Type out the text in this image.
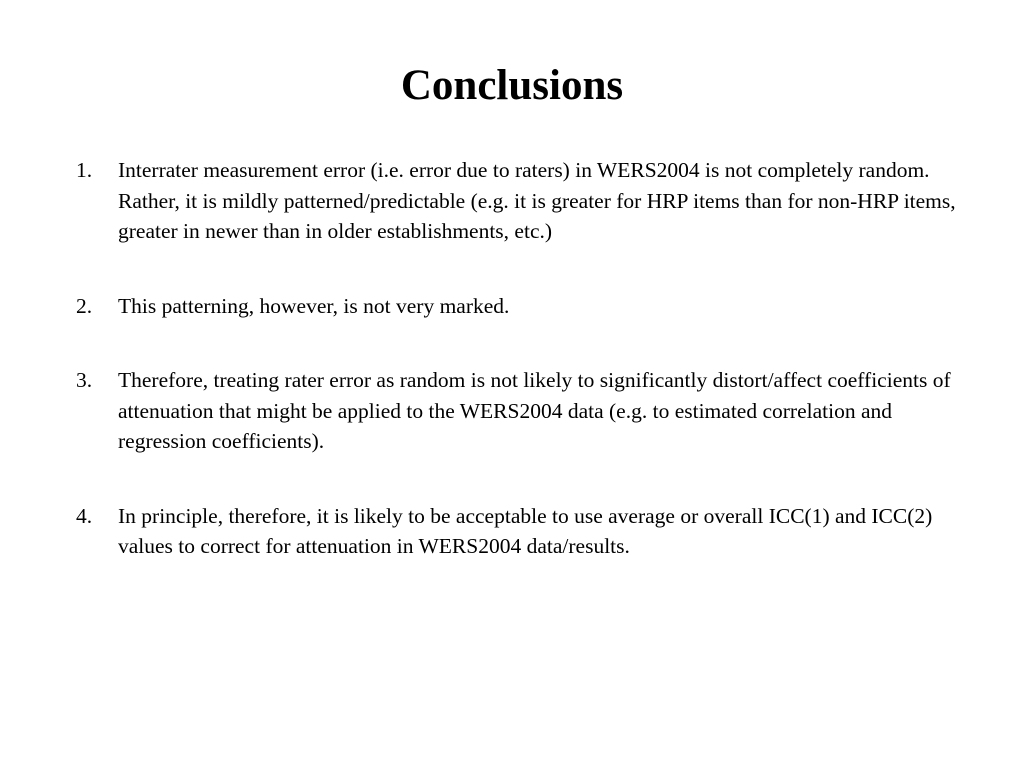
Conclusions
1. Interrater measurement error (i.e. error due to raters) in WERS2004 is not completely random. Rather, it is mildly patterned/predictable (e.g. it is greater for HRP items than for non-HRP items, greater in newer than in older establishments, etc.)
2. This patterning, however, is not very marked.
3. Therefore, treating rater error as random is not likely to significantly distort/affect coefficients of attenuation that might be applied to the WERS2004 data (e.g. to estimated correlation and regression coefficients).
4. In principle, therefore, it is likely to be acceptable to use average or overall ICC(1) and ICC(2) values to correct for attenuation in WERS2004 data/results.
